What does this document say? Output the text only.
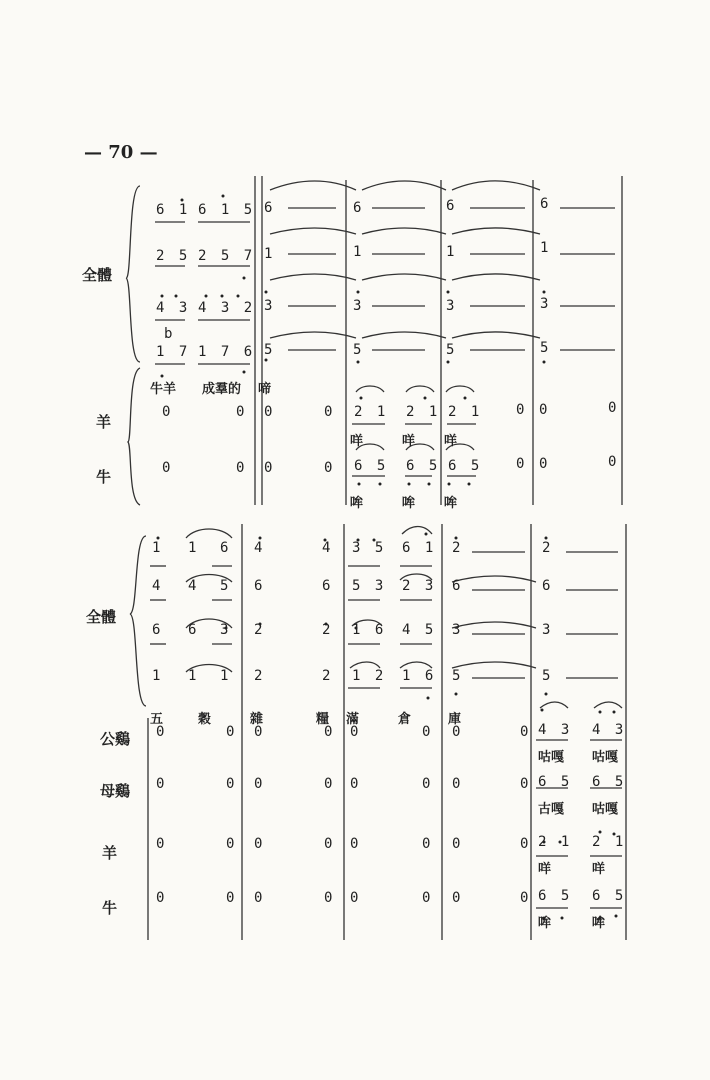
— 70 —
全體
羊
牛
6 1 6 1 5 6	6	6	6
2 5 2 5 7 1	1	1	1
4 3 4 3 2 3	3	3	3
b
1 7 1 7 6 5	5	5	5
牛羊 成羣的 啼
0	0 0	0 2 1 2 1 2 1 0 0	0
咩	咩 咩
0	0 0	0 6 5 6 5 6 5 0 0	0
哞	哞 哞
全體
公鷄
母鷄
羊
牛
1 1 6 4	4 3 5 6 1 2	2
4 4 5 6	6 5 3 2 3 6	6
6 6 3 2	2 1 6 4 5 3	3
1 1 1 2	2 1 2 1 6 5	5
五	穀	雜	糧 滿	倉	庫
0	0 0	0 0	0 0	0 4 3 4 3
咕嘎 咕嘎
0	0 0	0 0	0 0	0 6 5 6 5
古嘎 咕嘎
0	0 0	0 0	0 0	0 2 1 2 1
咩	咩
0	0 0	0 0	0 0	0 6 5 6 5
哞	哞
